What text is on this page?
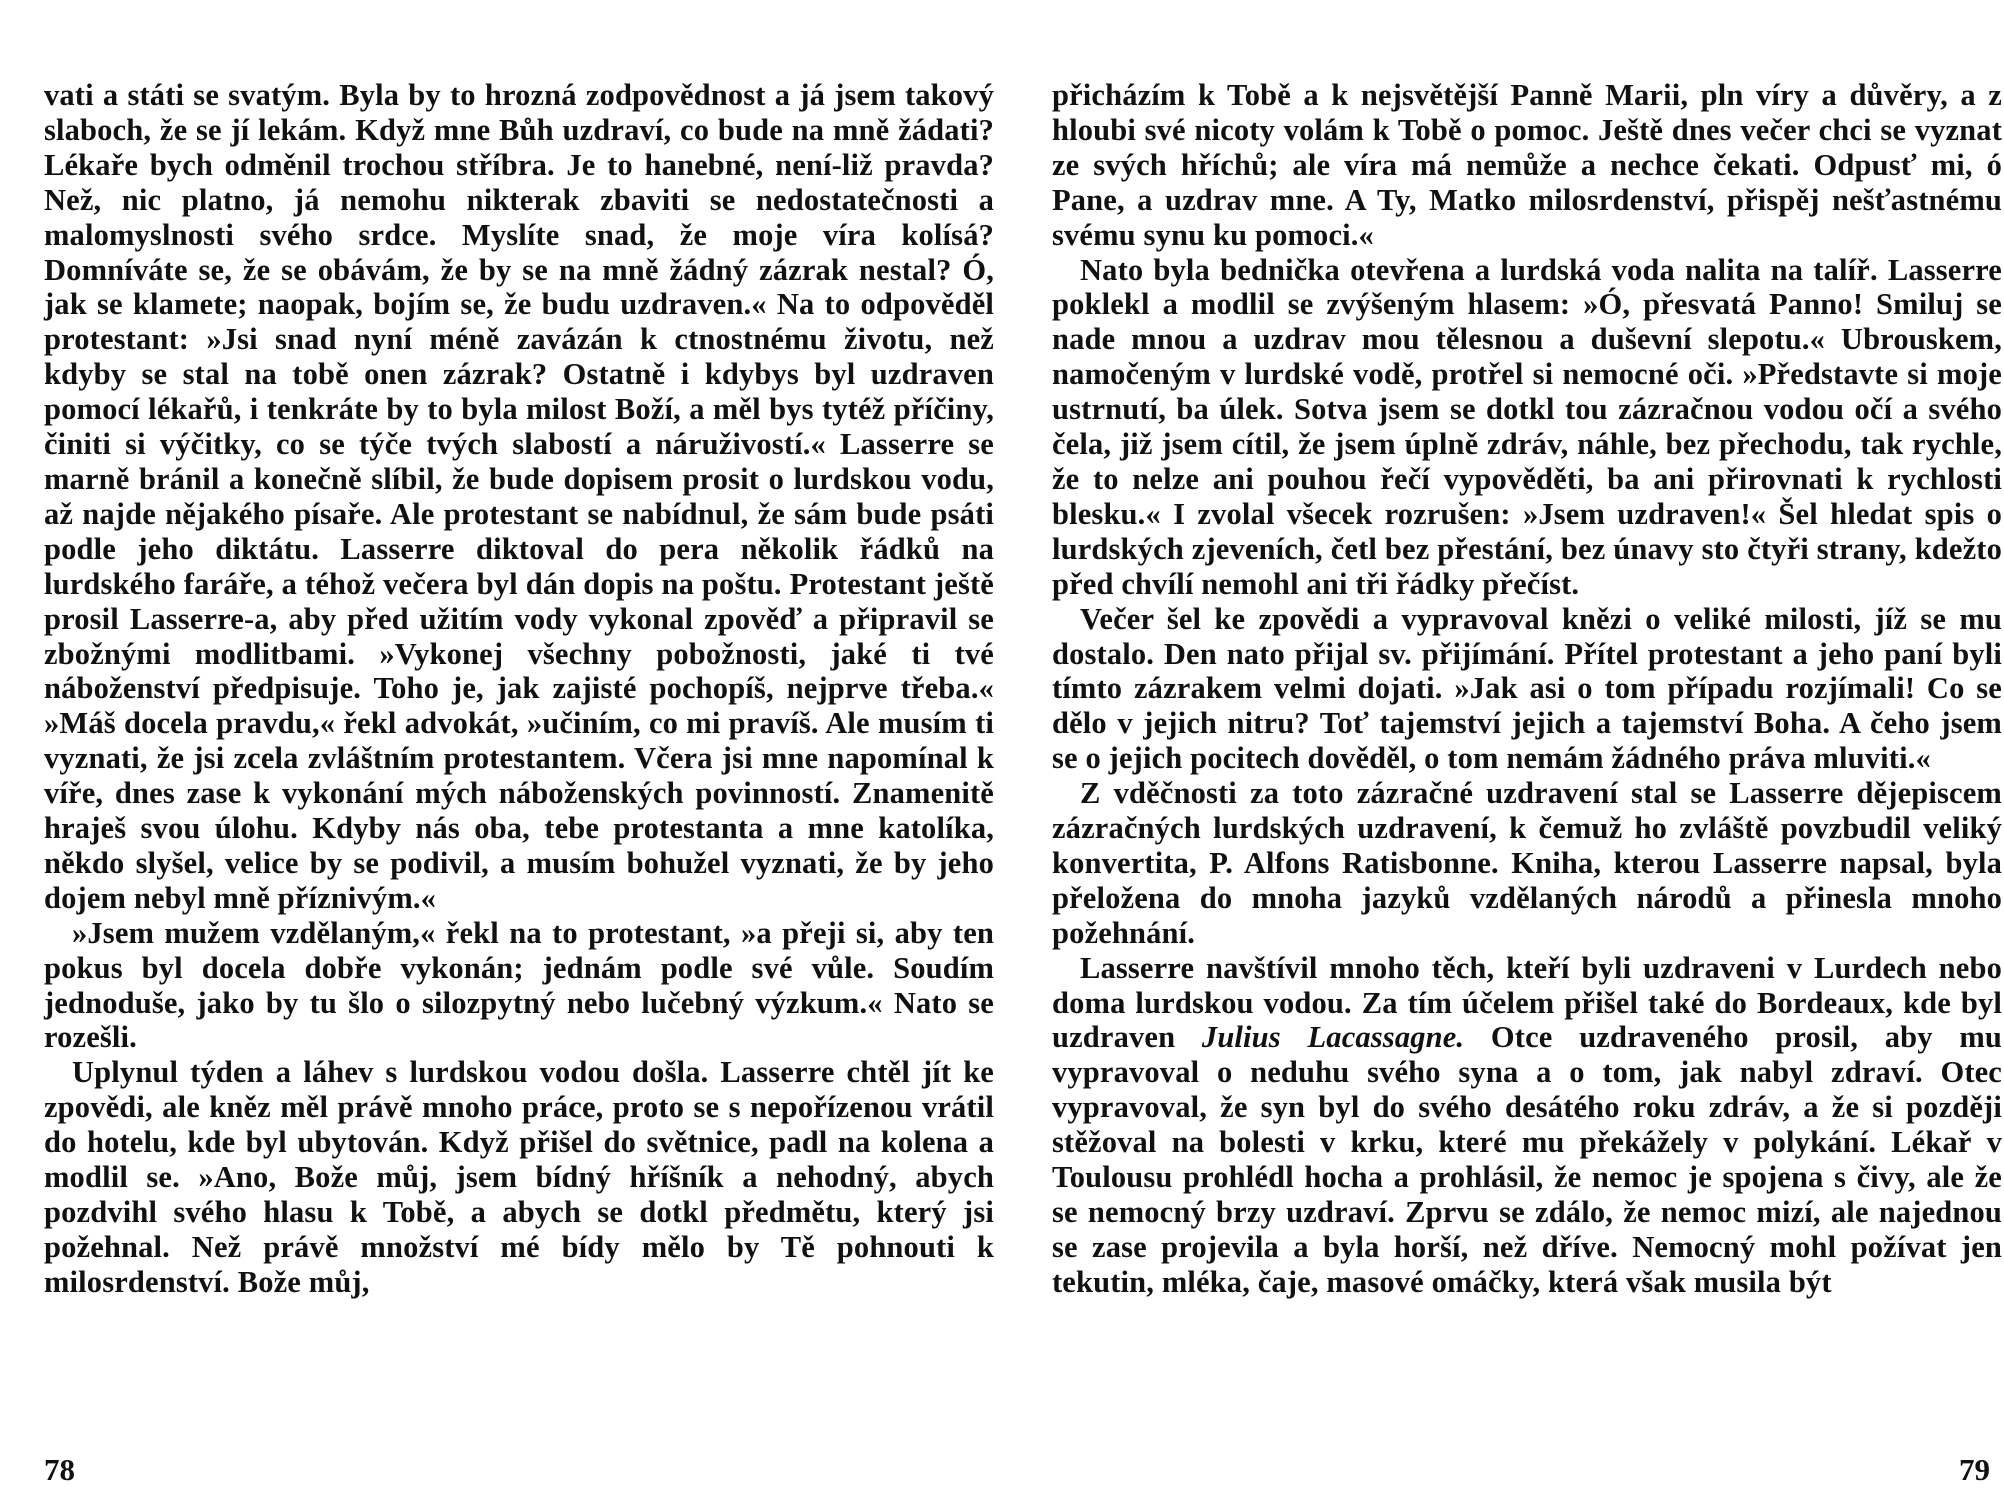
vati a státi se svatým. Byla by to hrozná zodpovědnost a já jsem takový slaboch, že se jí lekám. Když mne Bůh uzdraví, co bude na mně žádati? Lékaře bych odměnil trochou stříbra. Je to hanebné, není-liž pravda? Než, nic platno, já nemohu nikterak zbaviti se nedostatečnosti a malomyslnosti svého srdce. Myslíte snad, že moje víra kolísá? Domníváte se, že se obávám, že by se na mně žádný zázrak nestal? Ó, jak se klamete; naopak, bojím se, že budu uzdraven.« Na to odpověděl protestant: »Jsi snad nyní méně zavázán k ctnostnému životu, než kdyby se stal na tobě onen zázrak? Ostatně i kdybys byl uzdraven pomocí lékařů, i tenkráte by to byla milost Boží, a měl bys tytéž příčiny, činiti si výčitky, co se týče tvých slabostí a náruživostí.« Lasserre se marně bránil a konečně slíbil, že bude dopisem prosit o lurdskou vodu, až najde nějakého písaře. Ale protestant se nabídnul, že sám bude psáti podle jeho diktátu. Lasserre diktoval do pera několik řádků na lurdského faráře, a téhož večera byl dán dopis na poštu. Protestant ještě prosil Lasserre-a, aby před užitím vody vykonal zpověď a připravil se zbožnými modlitbami. »Vykonej všechny pobožnosti, jaké ti tvé náboženství předpisuje. Toho je, jak zajisté pochopíš, nejprve třeba.« »Máš docela pravdu,« řekl advokát, »učiním, co mi pravíš. Ale musím ti vyznati, že jsi zcela zvláštním protestantem. Včera jsi mne napomínal k víře, dnes zase k vykonání mých náboženských povinností. Znamenitě hraješ svou úlohu. Kdyby nás oba, tebe protestanta a mne katolíka, někdo slyšel, velice by se podivil, a musím bohužel vyznati, že by jeho dojem nebyl mně příznivým.«

»Jsem mužem vzdělaným,« řekl na to protestant, »a přeji si, aby ten pokus byl docela dobře vykonán; jednám podle své vůle. Soudím jednoduše, jako by tu šlo o silozpytný nebo lučebný výzkum.« Nato se rozešli.

Uplynul týden a láhev s lurdskou vodou došla. Lasserre chtěl jít ke zpovědi, ale kněz měl právě mnoho práce, proto se s nepořízenou vrátil do hotelu, kde byl ubytován. Když přišel do světnice, padl na kolena a modlil se. »Ano, Bože můj, jsem bídný hříšník a nehodný, abych pozdvihl svého hlasu k Tobě, a abych se dotkl předmětu, který jsi požehnal. Než právě množství mé bídy mělo by Tě pohnouti k milosrdenství. Bože můj,

78

přicházím k Tobě a k nejsvětější Panně Marii, pln víry a důvěry, a z hloubi své nicoty volám k Tobě o pomoc. Ještě dnes večer chci se vyznat ze svých hříchů; ale víra má nemůže a nechce čekati. Odpusť mi, ó Pane, a uzdrav mne. A Ty, Matko milosrdenství, přispěj nešťastnému svému synu ku pomoci.«

Nato byla bednička otevřena a lurdská voda nalita na talíř. Lasserre poklekl a modlil se zvýšeným hlasem: »Ó, přesvatá Panno! Smiluj se nade mnou a uzdrav mou tělesnou a duševní slepotu.« Ubrouskem, namočeným v lurdské vodě, protřel si nemocné oči. »Představte si moje ustrnutí, ba úlek. Sotva jsem se dotkl tou zázračnou vodou očí a svého čela, již jsem cítil, že jsem úplně zdráv, náhle, bez přechodu, tak rychle, že to nelze ani pouhou řečí vypověděti, ba ani přirovnati k rychlosti blesku.« I zvolal všecek rozrušen: »Jsem uzdraven!« Šel hledat spis o lurdských zjeveních, četl bez přestání, bez únavy sto čtyři strany, kdežto před chvílí nemohl ani tři řádky přečíst.

Večer šel ke zpovědi a vypravoval knězi o veliké milosti, jíž se mu dostalo. Den nato přijal sv. přijímání. Přítel protestant a jeho paní byli tímto zázrakem velmi dojati. »Jak asi o tom případu rozjímali! Co se dělo v jejich nitru? Toť tajemství jejich a tajemství Boha. A čeho jsem se o jejich pocitech dověděl, o tom nemám žádného práva mluviti.«

Z vděčnosti za toto zázračné uzdravení stal se Lasserre dějepiscem zázračných lurdských uzdravení, k čemuž ho zvláště povzbudil veliký konvertita, P. Alfons Ratisbonne. Kniha, kterou Lasserre napsal, byla přeložena do mnoha jazyků vzdělaných národů a přinesla mnoho požehnání.

Lasserre navštívil mnoho těch, kteří byli uzdraveni v Lurdech nebo doma lurdskou vodou. Za tím účelem přišel také do Bordeaux, kde byl uzdraven Julius Lacassagne. Otce uzdraveného prosil, aby mu vypravoval o neduhu svého syna a o tom, jak nabyl zdraví. Otec vypravoval, že syn byl do svého desátého roku zdráv, a že si později stěžoval na bolesti v krku, které mu překážely v polykání. Lékař v Toulousu prohlédl hocha a prohlásil, že nemoc je spojena s čivy, ale že se nemocný brzy uzdraví. Zprvu se zdálo, že nemoc mizí, ale najednou se zase projevila a byla horší, než dříve. Nemocný mohl požívat jen tekutin, mléka, čaje, masové omáčky, která však musila být

79
